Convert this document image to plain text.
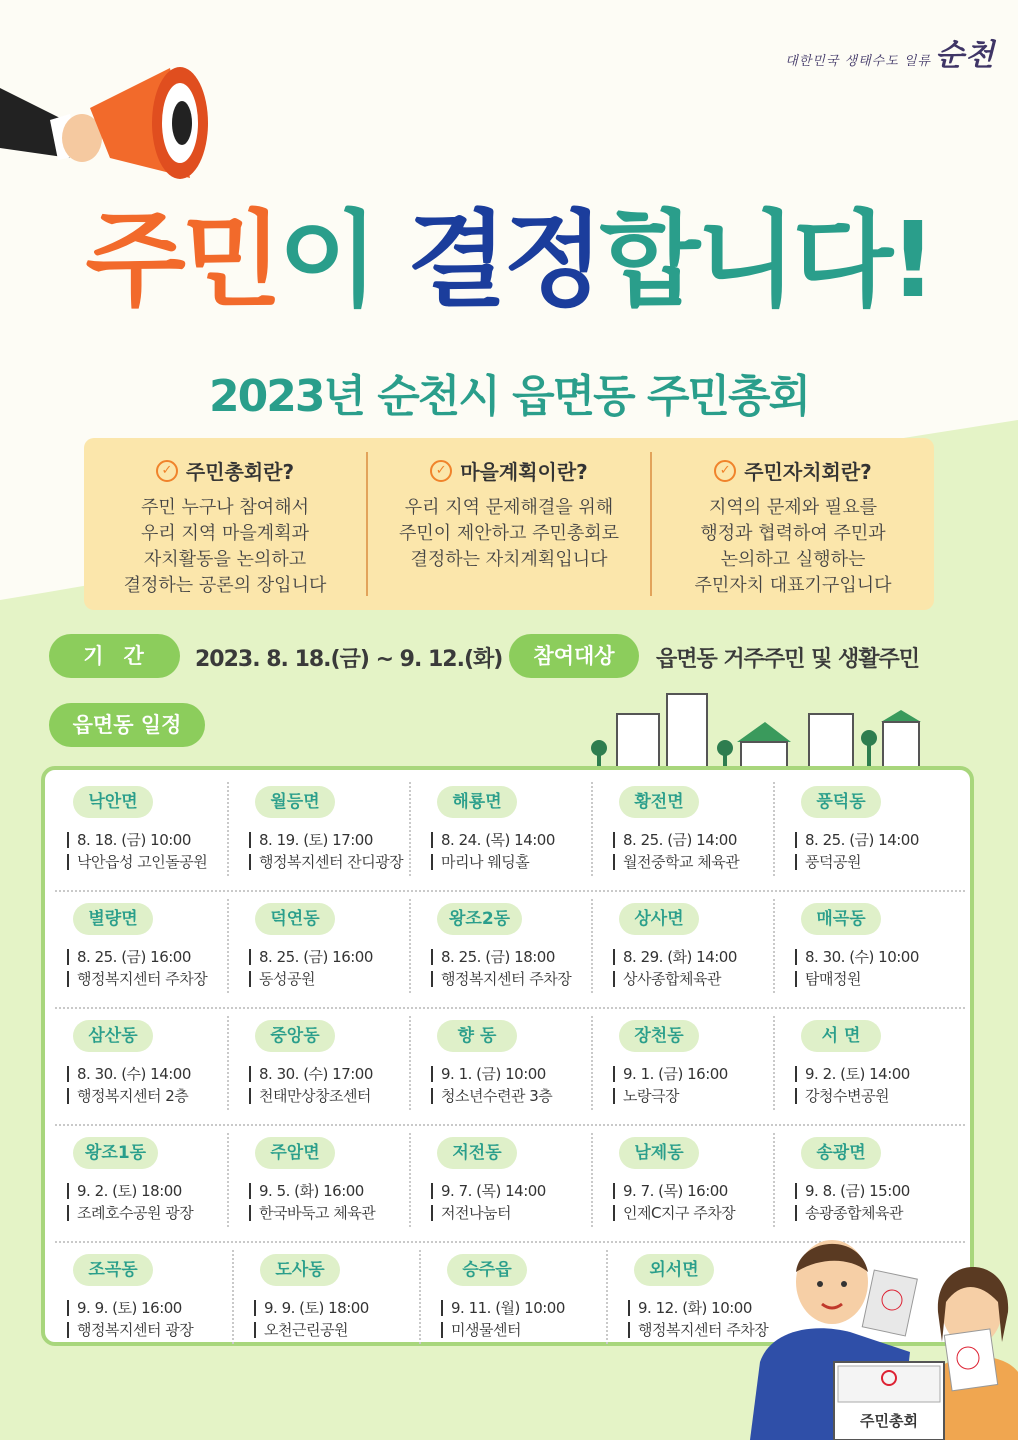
대한민국 생태수도 일류 순천
주민이 결정합니다!
2023년 순천시 읍면동 주민총회
✓ 주민총회란?
주민 누구나 참여해서
우리 지역 마을계획과
자치활동을 논의하고
결정하는 공론의 장입니다
✓ 마을계획이란?
우리 지역 문제해결을 위해
주민이 제안하고 주민총회로
결정하는 자치계획입니다
✓ 주민자치회란?
지역의 문제와 필요를
행정과 협력하여 주민과
논의하고 실행하는
주민자치 대표기구입니다
기간	2023. 8. 18.(금) ~ 9. 12.(화)	참여대상	읍면동 거주주민 및 생활주민
읍면동 일정
낙안면
8. 18. (금) 10:00
낙안읍성 고인돌공원
월등면
8. 19. (토) 17:00
행정복지센터 잔디광장
해룡면
8. 24. (목) 14:00
마리나 웨딩홀
황전면
8. 25. (금) 14:00
월전중학교 체육관
풍덕동
8. 25. (금) 14:00
풍덕공원
별량면
8. 25. (금) 16:00
행정복지센터 주차장
덕연동
8. 25. (금) 16:00
동성공원
왕조2동
8. 25. (금) 18:00
행정복지센터 주차장
상사면
8. 29. (화) 14:00
상사종합체육관
매곡동
8. 30. (수) 10:00
탐매정원
삼산동
8. 30. (수) 14:00
행정복지센터 2층
중앙동
8. 30. (수) 17:00
천태만상창조센터
향 동
9. 1. (금) 10:00
청소년수련관 3층
장천동
9. 1. (금) 16:00
노랑극장
서 면
9. 2. (토) 14:00
강청수변공원
왕조1동
9. 2. (토) 18:00
조례호수공원 광장
주암면
9. 5. (화) 16:00
한국바둑고 체육관
저전동
9. 7. (목) 14:00
저전나눔터
남제동
9. 7. (목) 16:00
인제C지구 주차장
송광면
9. 8. (금) 15:00
송광종합체육관
조곡동
9. 9. (토) 16:00
행정복지센터 광장
도사동
9. 9. (토) 18:00
오천근린공원
승주읍
9. 11. (월) 10:00
미생물센터
외서면
9. 12. (화) 10:00
행정복지센터 주차장
주민총회
